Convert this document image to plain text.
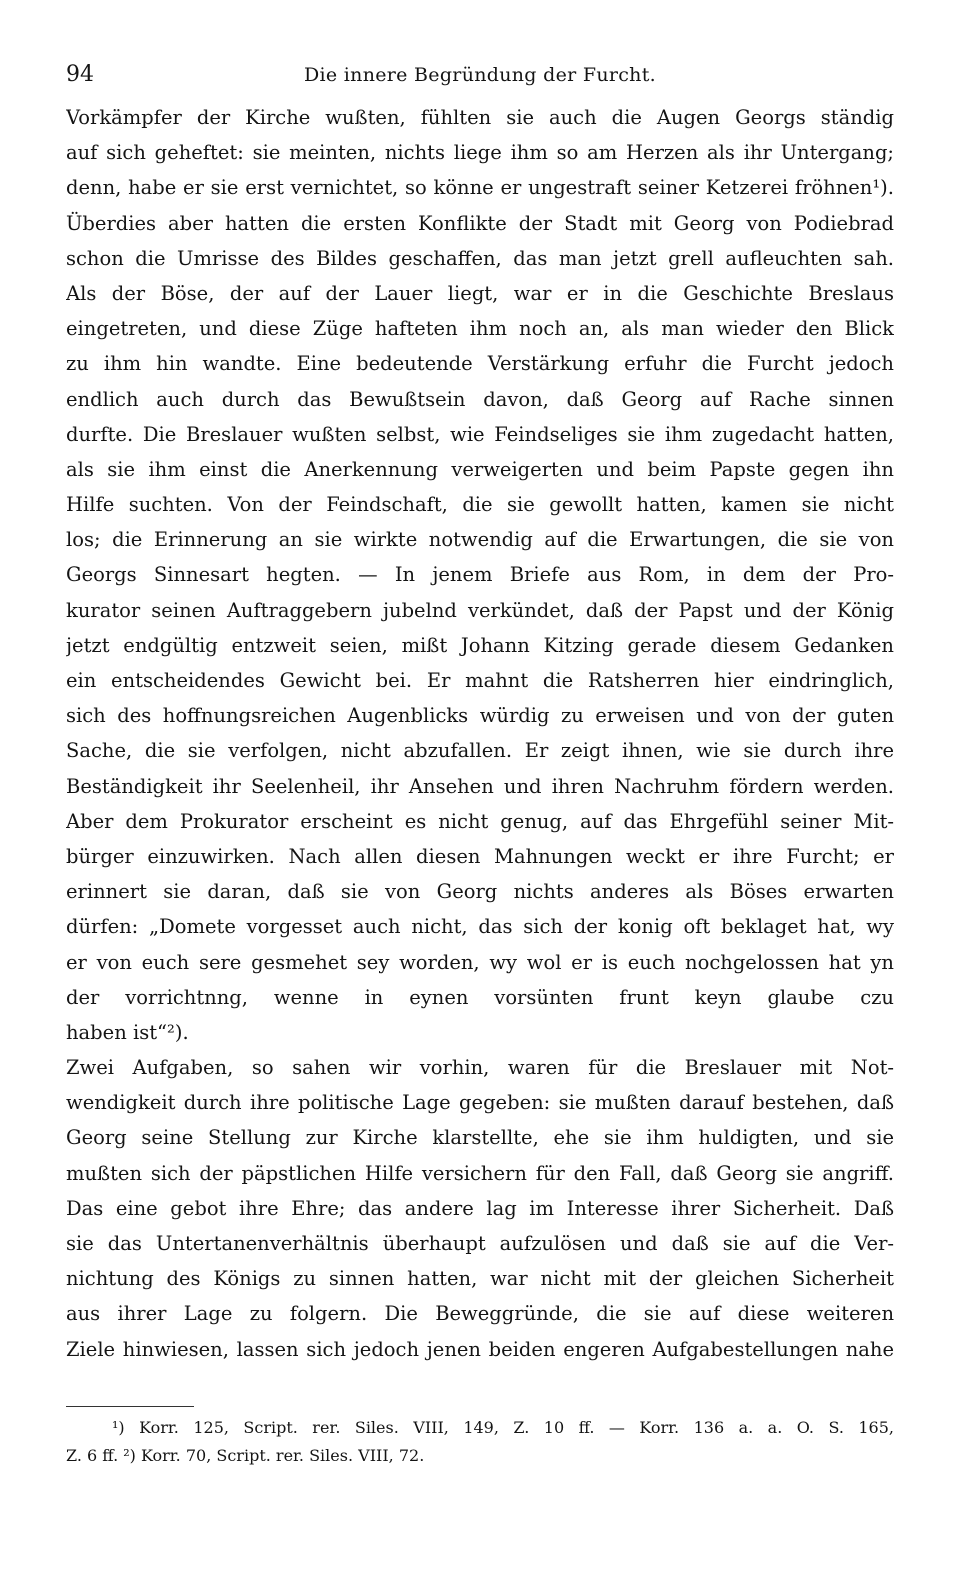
94	Die innere Begründung der Furcht.
Vorkämpfer der Kirche wußten, fühlten sie auch die Augen Georgs ständig
auf sich geheftet: sie meinten, nichts liege ihm so am Herzen als ihr Untergang;
denn, habe er sie erst vernichtet, so könne er ungestraft seiner Ketzerei fröhnen¹).
Überdies aber hatten die ersten Konflikte der Stadt mit Georg von Podiebrad
schon die Umrisse des Bildes geschaffen, das man jetzt grell aufleuchten sah.
Als der Böse, der auf der Lauer liegt, war er in die Geschichte Breslaus
eingetreten, und diese Züge hafteten ihm noch an, als man wieder den Blick
zu ihm hin wandte. Eine bedeutende Verstärkung erfuhr die Furcht jedoch
endlich auch durch das Bewußtsein davon, daß Georg auf Rache sinnen
durfte. Die Breslauer wußten selbst, wie Feindseliges sie ihm zugedacht hatten,
als sie ihm einst die Anerkennung verweigerten und beim Papste gegen ihn
Hilfe suchten. Von der Feindschaft, die sie gewollt hatten, kamen sie nicht
los; die Erinnerung an sie wirkte notwendig auf die Erwartungen, die sie von
Georgs Sinnesart hegten. — In jenem Briefe aus Rom, in dem der Pro-
kurator seinen Auftraggebern jubelnd verkündet, daß der Papst und der König
jetzt endgültig entzweit seien, mißt Johann Kitzing gerade diesem Gedanken
ein entscheidendes Gewicht bei. Er mahnt die Ratsherren hier eindringlich,
sich des hoffnungsreichen Augenblicks würdig zu erweisen und von der guten
Sache, die sie verfolgen, nicht abzufallen. Er zeigt ihnen, wie sie durch ihre
Beständigkeit ihr Seelenheil, ihr Ansehen und ihren Nachruhm fördern werden.
Aber dem Prokurator erscheint es nicht genug, auf das Ehrgefühl seiner Mit-
bürger einzuwirken. Nach allen diesen Mahnungen weckt er ihre Furcht; er
erinnert sie daran, daß sie von Georg nichts anderes als Böses erwarten
dürfen: „Domete vorgesset auch nicht, das sich der konig oft beklaget hat, wy
er von euch sere gesmehet sey worden, wy wol er is euch nochgelossen hat yn
der vorrichtnng, wenne in eynen vorsünten frunt keyn glaube czu
haben ist“²).
Zwei Aufgaben, so sahen wir vorhin, waren für die Breslauer mit Not-
wendigkeit durch ihre politische Lage gegeben: sie mußten darauf bestehen, daß
Georg seine Stellung zur Kirche klarstellte, ehe sie ihm huldigten, und sie
mußten sich der päpstlichen Hilfe versichern für den Fall, daß Georg sie angriff.
Das eine gebot ihre Ehre; das andere lag im Interesse ihrer Sicherheit. Daß
sie das Untertanenverhältnis überhaupt aufzulösen und daß sie auf die Ver-
nichtung des Königs zu sinnen hatten, war nicht mit der gleichen Sicherheit
aus ihrer Lage zu folgern. Die Beweggründe, die sie auf diese weiteren
Ziele hinwiesen, lassen sich jedoch jenen beiden engeren Aufgabestellungen nahe
¹) Korr. 125, Script. rer. Siles. VIII, 149, Z. 10 ff. — Korr. 136 a. a. O. S. 165,
Z. 6 ff. ²) Korr. 70, Script. rer. Siles. VIII, 72.
